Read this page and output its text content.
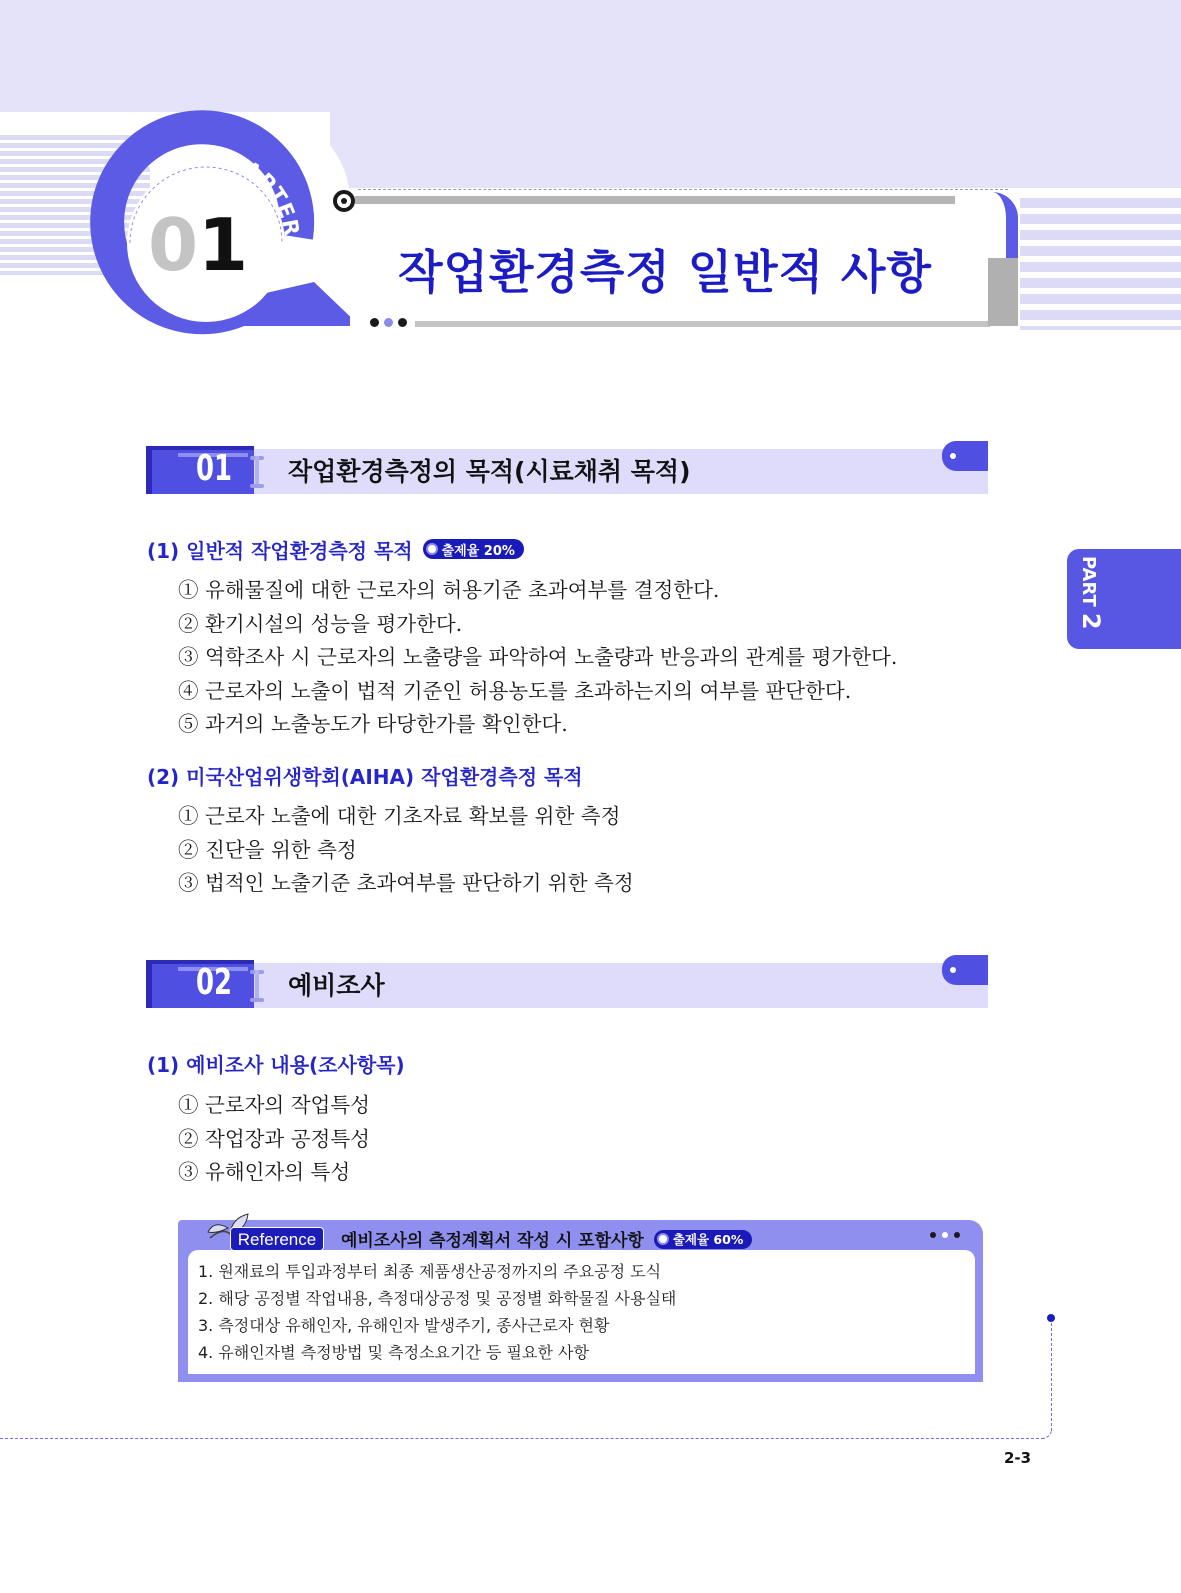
CHAPTER
0 1	작업환경측정 일반적 사항
PART2
01	작업환경측정의 목적(시료채취 목적)
(1) 일반적 작업환경측정 목적 출제율 20%
① 유해물질에 대한 근로자의 허용기준 초과여부를 결정한다.
② 환기시설의 성능을 평가한다.
③ 역학조사 시 근로자의 노출량을 파악하여 노출량과 반응과의 관계를 평가한다.
④ 근로자의 노출이 법적 기준인 허용농도를 초과하는지의 여부를 판단한다.
⑤ 과거의 노출농도가 타당한가를 확인한다.
(2) 미국산업위생학회(AIHA) 작업환경측정 목적
① 근로자 노출에 대한 기초자료 확보를 위한 측정
② 진단을 위한 측정
③ 법적인 노출기준 초과여부를 판단하기 위한 측정
02	예비조사
(1) 예비조사 내용(조사항목)
① 근로자의 작업특성
② 작업장과 공정특성
③ 유해인자의 특성
Reference	예비조사의 측정계획서 작성 시 포함사항 출제율 60%
1. 원재료의 투입과정부터 최종 제품생산공정까지의 주요공정 도식
2. 해당 공정별 작업내용, 측정대상공정 및 공정별 화학물질 사용실태
3. 측정대상 유해인자, 유해인자 발생주기, 종사근로자 현황
4. 유해인자별 측정방법 및 측정소요기간 등 필요한 사항
2-3
